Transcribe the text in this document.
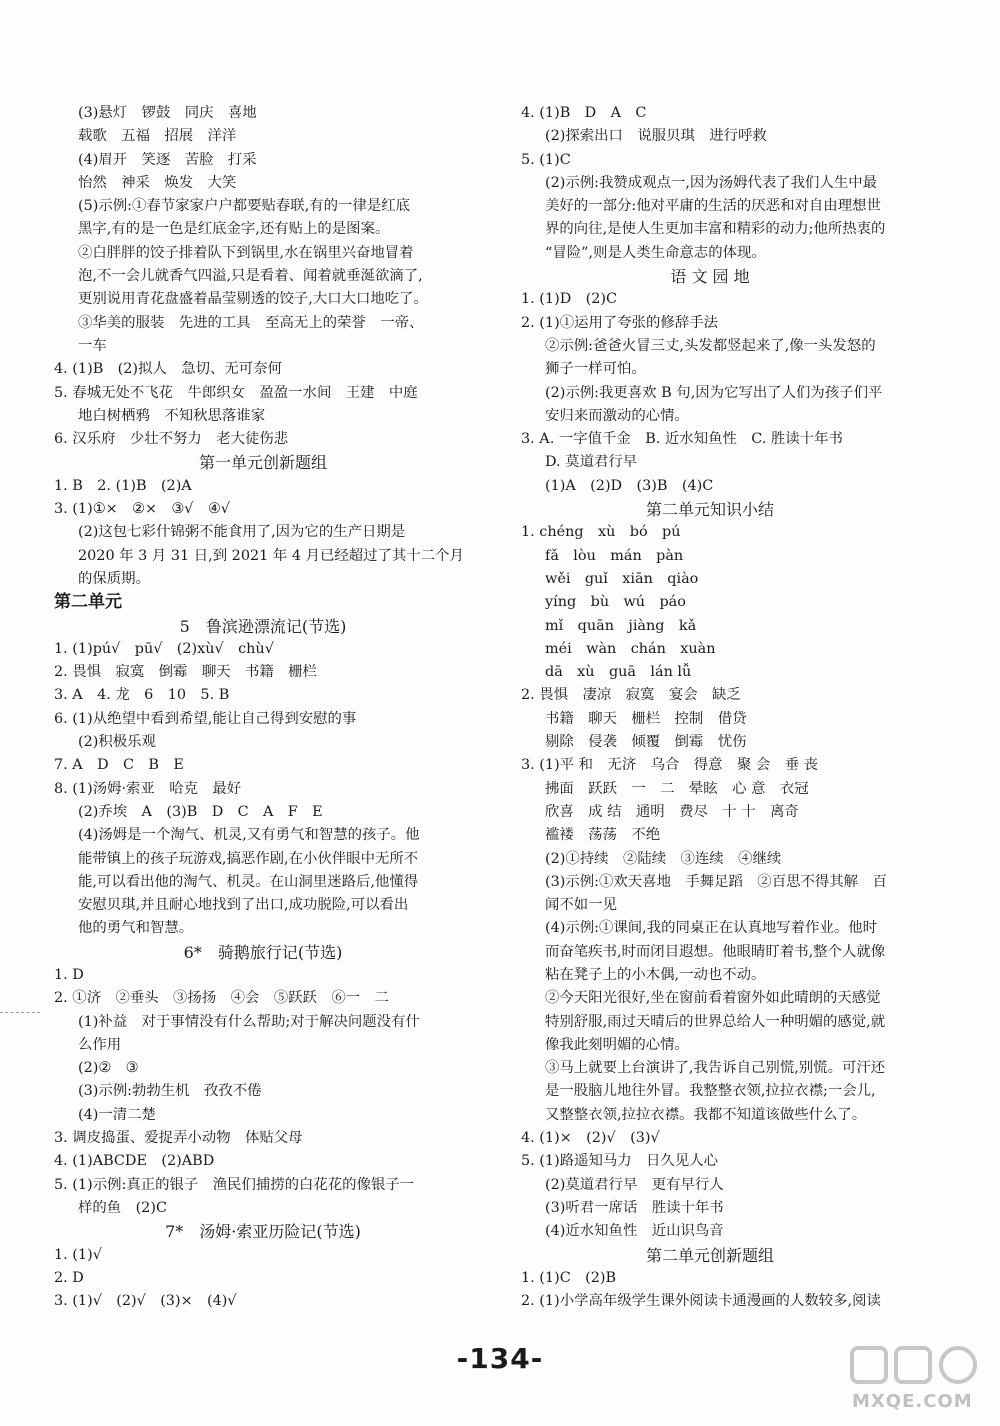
(3)悬灯　锣鼓　同庆　喜地
载歌　五福　招展　洋洋
(4)眉开　笑逐　苦脸　打采
怡然　神采　焕发　大笑
(5)示例:①春节家家户户都要贴春联,有的一律是红底
黑字,有的是一色是红底金字,还有贴上的是图案。
②白胖胖的饺子排着队下到锅里,水在锅里兴奋地冒着
泡,不一会儿就香气四溢,只是看着、闻着就垂涎欲滴了,
更别说用青花盘盛着晶莹剔透的饺子,大口大口地吃了。
③华美的服装　先进的工具　至高无上的荣誉　一帝、
一车
4. (1)B　(2)拟人　急切、无可奈何
5. 春城无处不飞花　牛郎织女　盈盈一水间　王建　中庭
地白树栖鸦　不知秋思落谁家
6. 汉乐府　少壮不努力　老大徒伤悲
第一单元创新题组
1. B　2. (1)B　(2)A
3. (1)①×　②×　③√　④√
(2)这包七彩什锦粥不能食用了,因为它的生产日期是
2020 年 3 月 31 日,到 2021 年 4 月已经超过了其十二个月
的保质期。
第二单元
5　鲁滨逊漂流记(节选)
1. (1)pú√　pū√　(2)xù√　chù√
2. 畏惧　寂寞　倒霉　聊天　书籍　栅栏
3. A　4. 龙　6　10　5. B
6. (1)从绝望中看到希望,能让自己得到安慰的事
(2)积极乐观
7. A　D　C　B　E
8. (1)汤姆·索亚　哈克　最好
(2)乔埃　A　(3)B　D　C　A　F　E
(4)汤姆是一个淘气、机灵,又有勇气和智慧的孩子。他
能带镇上的孩子玩游戏,搞恶作剧,在小伙伴眼中无所不
能,可以看出他的淘气、机灵。在山洞里迷路后,他懂得
安慰贝琪,并且耐心地找到了出口,成功脱险,可以看出
他的勇气和智慧。
6*　骑鹅旅行记(节选)
1. D
2. ①济　②垂头　③扬扬　④会　⑤跃跃　⑥一　二
(1)补益　对于事情没有什么帮助;对于解决问题没有什
么作用
(2)②　③
(3)示例:勃勃生机　孜孜不倦
(4)一清二楚
3. 调皮捣蛋、爱捉弄小动物　体贴父母
4. (1)ABCDE　(2)ABD
5. (1)示例:真正的银子　渔民们捕捞的白花花的像银子一
样的鱼　(2)C
7*　汤姆·索亚历险记(节选)
1. (1)√
2. D
3. (1)√　(2)√　(3)×　(4)√
4. (1)B　D　A　C
(2)探索出口　说服贝琪　进行呼救
5. (1)C
(2)示例:我赞成观点一,因为汤姆代表了我们人生中最
美好的一部分:他对平庸的生活的厌恶和对自由理想世
界的向往,是使人生更加丰富和精彩的动力;他所热衷的
“冒险”,则是人类生命意志的体现。
语 文 园 地
1. (1)D　(2)C
2. (1)①运用了夸张的修辞手法
②示例:爸爸火冒三丈,头发都竖起来了,像一头发怒的
狮子一样可怕。
(2)示例:我更喜欢 B 句,因为它写出了人们为孩子们平
安归来而激动的心情。
3. A. 一字值千金　B. 近水知鱼性　C. 胜读十年书
D. 莫道君行早
(1)A　(2)D　(3)B　(4)C
第二单元知识小结
1. chéng　xù　bó　pú
fǎ　lòu　mán　pàn
wěi　guǐ　xiān　qiào
yíng　bù　wú　páo
mǐ　quān　jiàng　kǎ
méi　wàn　chán　xuàn
dā　xù　guā　lán lǚ
2. 畏惧　凄凉　寂寞　宴会　缺乏
书籍　聊天　栅栏　控制　借贷
剔除　侵袭　倾覆　倒霉　忧伤
3. (1)平 和　无济　乌合　得意　聚 会　垂 丧
拂面　跃跃　一　二　晕眩　心 意　衣冠
欣喜　成 结　通明　费尽　十 十　离奇
褴褛　荡荡　不绝
(2)①持续　②陆续　③连续　④继续
(3)示例:①欢天喜地　手舞足蹈　②百思不得其解　百
闻不如一见
(4)示例:①课间,我的同桌正在认真地写着作业。他时
而奋笔疾书,时而闭目遐想。他眼睛盯着书,整个人就像
粘在凳子上的小木偶,一动也不动。
②今天阳光很好,坐在窗前看着窗外如此晴朗的天感觉
特别舒服,雨过天晴后的世界总给人一种明媚的感觉,就
像我此刻明媚的心情。
③马上就要上台演讲了,我告诉自己别慌,别慌。可汗还
是一股脑儿地往外冒。我整整衣领,拉拉衣襟;一会儿,
又整整衣领,拉拉衣襟。我都不知道该做些什么了。
4. (1)×　(2)√　(3)√
5. (1)路遥知马力　日久见人心
(2)莫道君行早　更有早行人
(3)听君一席话　胜读十年书
(4)近水知鱼性　近山识鸟音
第二单元创新题组
1. (1)C　(2)B
2. (1)小学高年级学生课外阅读卡通漫画的人数较多,阅读
-134-
MXQE.COM
